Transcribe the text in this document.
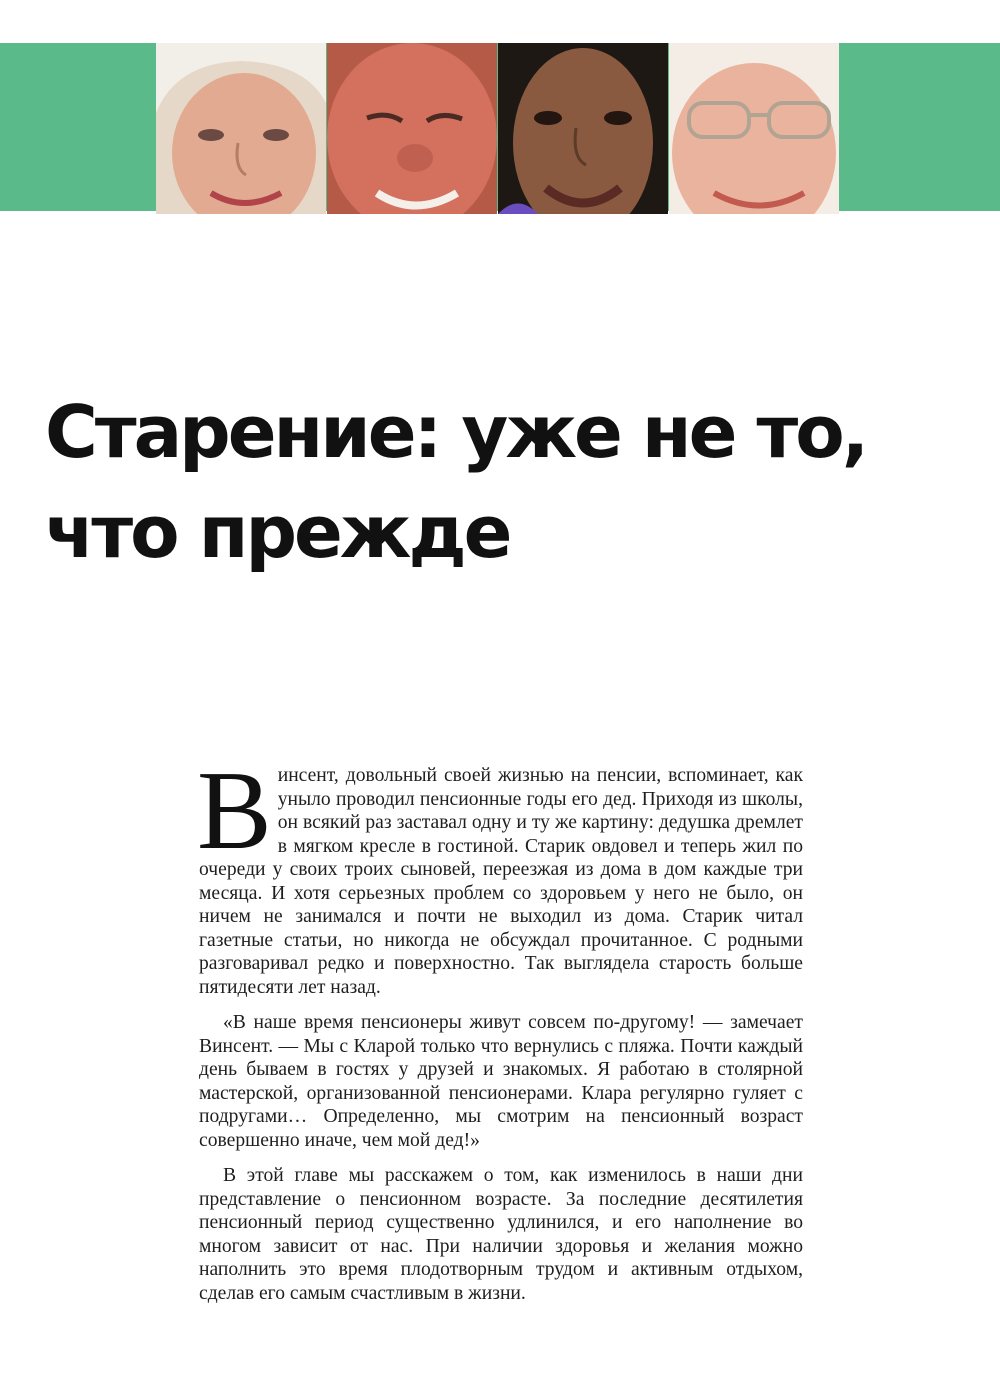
Старение: уже не то,
что прежде

Винсент, довольный своей жизнью на пенсии, вспоминает, как уныло проводил пенсионные годы его дед. Приходя из школы, он всякий раз заставал одну и ту же картину: дедушка дремлет в мягком кресле в гостиной. Старик овдовел и теперь жил по очереди у своих троих сыновей, переезжая из дома в дом каждые три месяца. И хотя серьезных проблем со здоровьем у него не было, он ничем не занимался и почти не выходил из дома. Старик читал газетные статьи, но никогда не обсуждал прочитанное. С родными разговаривал редко и поверхностно. Так выглядела старость больше пятидесяти лет назад.

«В наше время пенсионеры живут совсем по-другому! — замечает Винсент. — Мы с Кларой только что вернулись с пляжа. Почти каждый день бываем в гостях у друзей и знакомых. Я работаю в столярной мастерской, организованной пенсионерами. Клара регулярно гуляет с подругами… Определенно, мы смотрим на пенсионный возраст совершенно иначе, чем мой дед!»

В этой главе мы расскажем о том, как изменилось в наши дни представление о пенсионном возрасте. За последние десятилетия пенсионный период существенно удлинился, и его наполнение во многом зависит от нас. При наличии здоровья и желания можно наполнить это время плодотворным трудом и активным отдыхом, сделав его самым счастливым в жизни.
